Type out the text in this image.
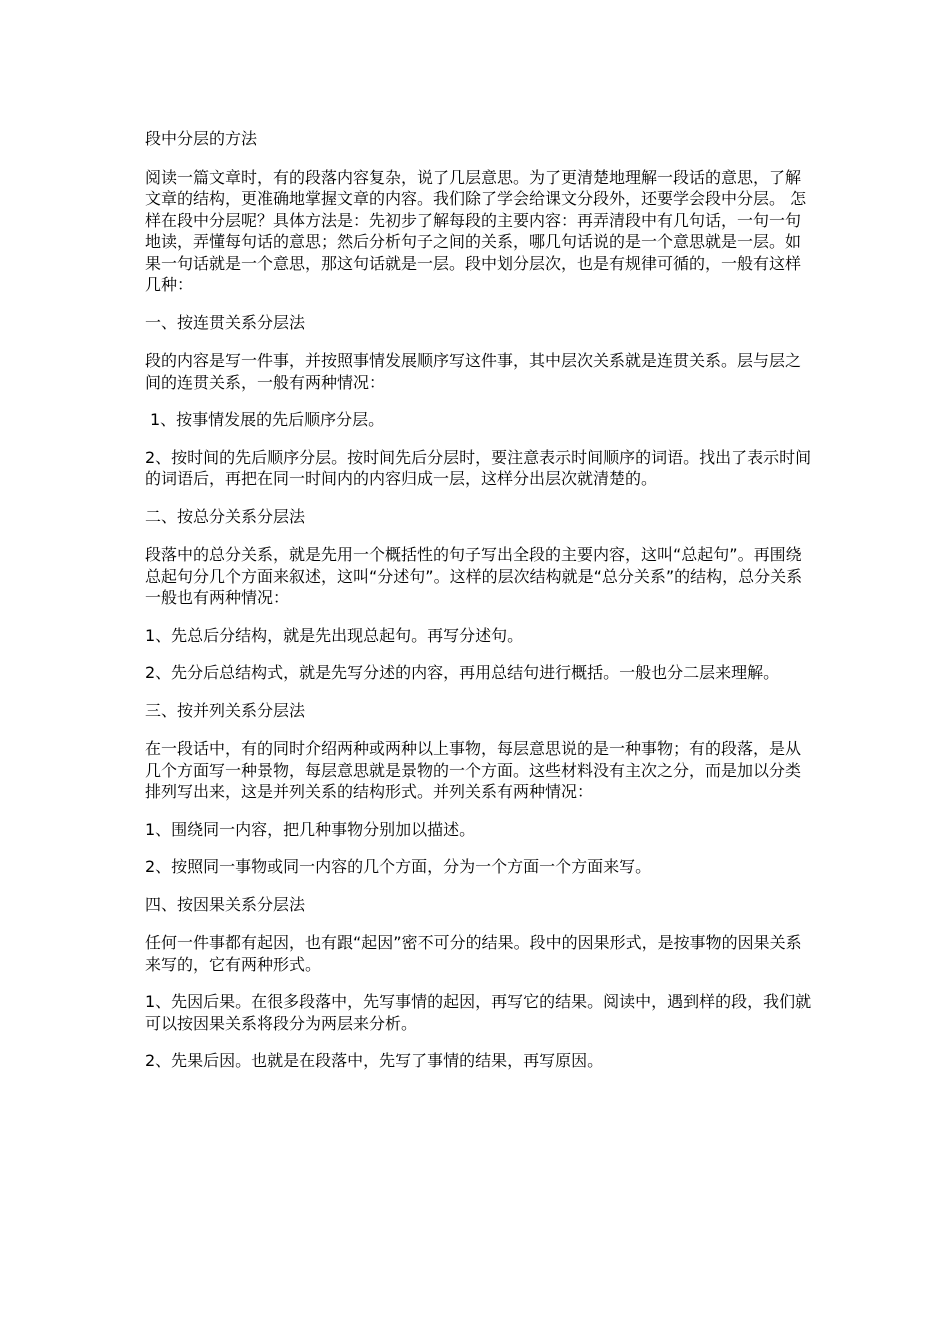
段中分层的方法

阅读一篇文章时，有的段落内容复杂，说了几层意思。为了更清楚地理解一段话的意思，了解文章的结构，更准确地掌握文章的内容。我们除了学会给课文分段外，还要学会段中分层。 怎样在段中分层呢？具体方法是：先初步了解每段的主要内容：再弄清段中有几句话，一句一句地读，弄懂每句话的意思；然后分析句子之间的关系，哪几句话说的是一个意思就是一层。如果一句话就是一个意思，那这句话就是一层。段中划分层次，也是有规律可循的，一般有这样几种：

一、按连贯关系分层法

段的内容是写一件事，并按照事情发展顺序写这件事，其中层次关系就是连贯关系。层与层之间的连贯关系，一般有两种情况：

1、按事情发展的先后顺序分层。

2、按时间的先后顺序分层。按时间先后分层时，要注意表示时间顺序的词语。找出了表示时间的词语后，再把在同一时间内的内容归成一层，这样分出层次就清楚的。

二、按总分关系分层法

段落中的总分关系，就是先用一个概括性的句子写出全段的主要内容，这叫“总起句”。再围绕总起句分几个方面来叙述，这叫“分述句”。这样的层次结构就是“总分关系”的结构，总分关系一般也有两种情况：

1、先总后分结构，就是先出现总起句。再写分述句。

2、先分后总结构式，就是先写分述的内容，再用总结句进行概括。一般也分二层来理解。

三、按并列关系分层法

在一段话中，有的同时介绍两种或两种以上事物，每层意思说的是一种事物；有的段落，是从几个方面写一种景物，每层意思就是景物的一个方面。这些材料没有主次之分，而是加以分类排列写出来，这是并列关系的结构形式。并列关系有两种情况：

1、围绕同一内容，把几种事物分别加以描述。

2、按照同一事物或同一内容的几个方面，分为一个方面一个方面来写。

四、按因果关系分层法

任何一件事都有起因，也有跟“起因”密不可分的结果。段中的因果形式，是按事物的因果关系来写的，它有两种形式。

1、先因后果。在很多段落中，先写事情的起因，再写它的结果。阅读中，遇到样的段，我们就可以按因果关系将段分为两层来分析。

2、先果后因。也就是在段落中，先写了事情的结果，再写原因。
